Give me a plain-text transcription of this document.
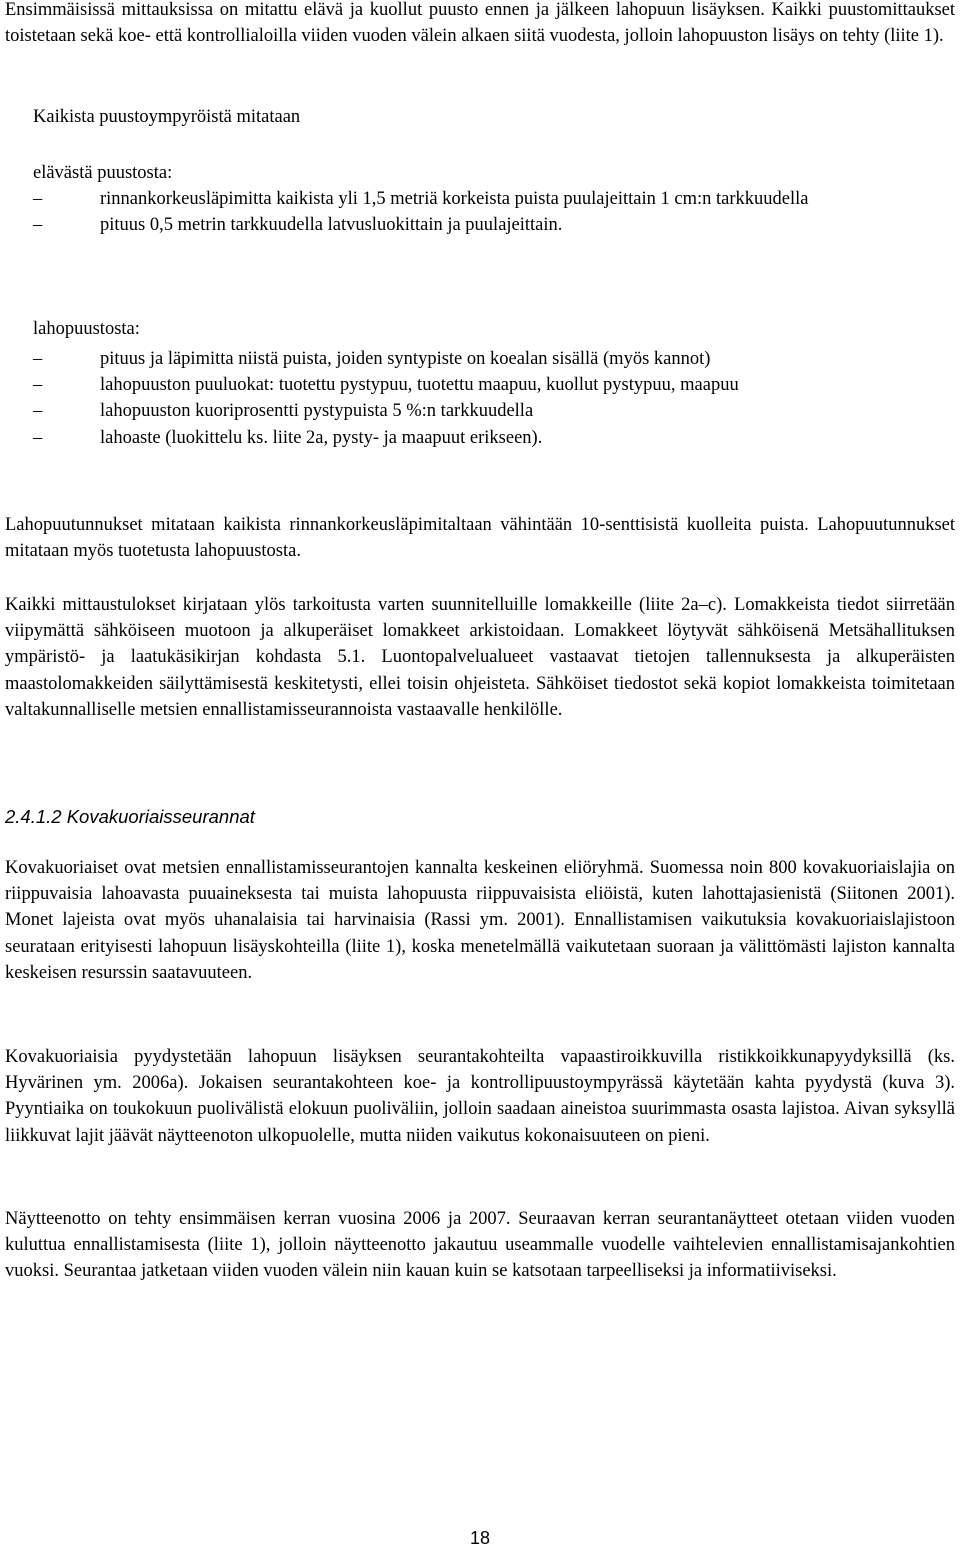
Ensimmäisissä mittauksissa on mitattu elävä ja kuollut puusto ennen ja jälkeen lahopuun lisäyksen. Kaikki puustomittaukset toistetaan sekä koe- että kontrollialoilla viiden vuoden välein alkaen siitä vuodesta, jolloin lahopuuston lisäys on tehty (liite 1).

Kaikista puustoympyröistä mitataan
elävästä puustosta:
–	rinnankorkeusläpimitta kaikista yli 1,5 metriä korkeista puista puulajeittain 1 cm:n tarkkuudella
–	pituus 0,5 metrin tarkkuudella latvusluokittain ja puulajeittain.
lahopuustosta:
–	pituus ja läpimitta niistä puista, joiden syntypiste on koealan sisällä (myös kannot)
–	lahopuuston puuluokat: tuotettu pystypuu, tuotettu maapuu, kuollut pystypuu, maapuu
–	lahopuuston kuoriprosentti pystypuista 5 %:n tarkkuudella
–	lahoaste (luokittelu ks. liite 2a, pysty- ja maapuut erikseen).

Lahopuutunnukset mitataan kaikista rinnankorkeusläpimitaltaan vähintään 10-senttisistä kuolleita puista. Lahopuutunnukset mitataan myös tuotetusta lahopuustosta.

Kaikki mittaustulokset kirjataan ylös tarkoitusta varten suunnitelluille lomakkeille (liite 2a–c). Lomakkeista tiedot siirretään viipymättä sähköiseen muotoon ja alkuperäiset lomakkeet arkistoidaan. Lomakkeet löytyvät sähköisenä Metsähallituksen ympäristö- ja laatukäsikirjan kohdasta 5.1. Luontopalvelualueet vastaavat tietojen tallennuksesta ja alkuperäisten maastolomakkeiden säilyttämisestä keskitetysti, ellei toisin ohjeisteta. Sähköiset tiedostot sekä kopiot lomakkeista toimitetaan valtakunnalliselle metsien ennallistamisseurannoista vastaavalle henkilölle.

2.4.1.2 Kovakuoriaisseurannat

Kovakuoriaiset ovat metsien ennallistamisseurantojen kannalta keskeinen eliöryhmä. Suomessa noin 800 kovakuoriaislajia on riippuvaisia lahoavasta puuaineksesta tai muista lahopuusta riippuvaisista eliöistä, kuten lahottajasienistä (Siitonen 2001). Monet lajeista ovat myös uhanalaisia tai harvinaisia (Rassi ym. 2001). Ennallistamisen vaikutuksia kovakuoriaislajistoon seurataan erityisesti lahopuun lisäyskohteilla (liite 1), koska menetelmällä vaikutetaan suoraan ja välittömästi lajiston kannalta keskeisen resurssin saatavuuteen.

Kovakuoriaisia pyydystetään lahopuun lisäyksen seurantakohteilta vapaastiroikkuvilla ristikkoikkunapyydyksillä (ks. Hyvärinen ym. 2006a). Jokaisen seurantakohteen koe- ja kontrollipuustoympyrässä käytetään kahta pyydystä (kuva 3). Pyyntiaika on toukokuun puolivälistä elokuun puoliväliin, jolloin saadaan aineistoa suurimmasta osasta lajistoa. Aivan syksyllä liikkuvat lajit jäävät näytteenoton ulkopuolelle, mutta niiden vaikutus kokonaisuuteen on pieni.

Näytteenotto on tehty ensimmäisen kerran vuosina 2006 ja 2007. Seuraavan kerran seurantanäytteet otetaan viiden vuoden kuluttua ennallistamisesta (liite 1), jolloin näytteenotto jakautuu useammalle vuodelle vaihtelevien ennallistamisajankohtien vuoksi. Seurantaa jatketaan viiden vuoden välein niin kauan kuin se katsotaan tarpeelliseksi ja informatiiviseksi.

18
